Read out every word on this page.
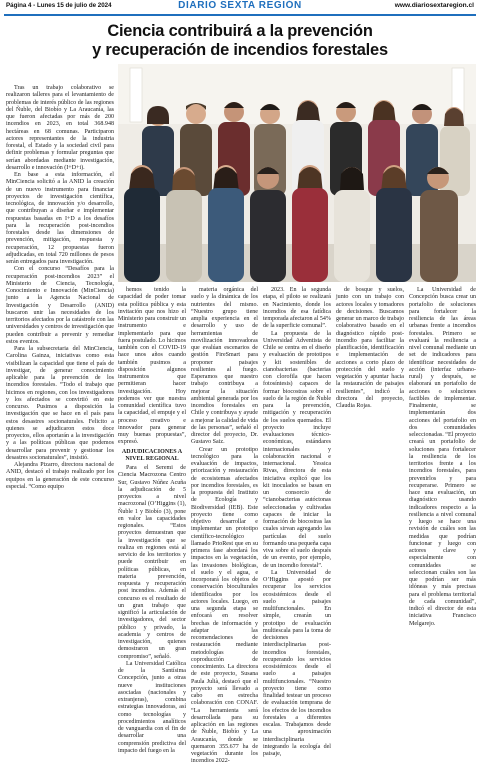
Página 4 - Lunes 15 de julio de 2024	DIARIO SEXTA REGIÓN	www.diariosextaregion.cl
Ciencia contribuirá a la prevención
y recuperación de incendios forestales

Tras un trabajo colaborativo se realizaron talleres para el levantamiento de problemas de interés público de las regiones del Ñuble, del Biobío y La Araucanía, las que fueron afectadas por más de 200 incendios en 2023, en total 368.948 hectáreas en 68 comunas. Participaron actores representantes de la industria forestal, el Estado y la sociedad civil para definir problemas y formular preguntas que serían abordadas mediante investigación, desarrollo e innovación (I+D+i).

En base a esta información, el MinCiencia solicitó a la ANID la creación de un nuevo instrumento para financiar proyectos de investigación científica, tecnológica, de innovación y/o desarrollo, que contribuyan a diseñar e implementar respuestas basadas en I+D a los desafíos para la recuperación post-incendios forestales desde las dimensiones de prevención, mitigación, respuesta y recuperación, 12 propuestas fueron adjudicadas, en total 720 millones de pesos serán entregados para investigación.

Con el concurso “Desafíos para la recuperación post-incendios 2023” el Ministerio de Ciencia, Tecnología, Conocimiento e Innovación (MinCiencia) junto a la Agencia Nacional de Investigación y Desarrollo (ANID) buscaron unir las necesidades de los territorios afectados por la catástrofe con las universidades y centros de investigación que pueden contribuir a prevenir y remediar estos eventos.

Para la subsecretaria del MinCiencia, Carolina Gainza, iniciativas como esta visibilizan la capacidad que tiene el país de investigar, de generar conocimiento aplicable para la prevención de los incendios forestales. “Todo el trabajo que hicimos en regiones, con los investigadores y los afectados se convirtió en este concurso. Pusimos a disposición la investigación que se hace en el país para estos desastres socionaturales. Felicito a quienes se adjudicaron estos doce proyectos, ellos aportarán a la investigación y a las políticas públicas que podemos desarrollar para prevenir y gestionar los desastres socionaturales”, insistió.

Alejandra Pizarro, directora nacional de ANID, destacó el trabajo realizado por los equipos en la generación de este concurso especial. “Como equipo

hemos tenido la capacidad de poder tomar esta política pública y esta invitación que nos hizo el Ministerio para construir un instrumento e implementarlo para que fuera postulado. Lo hicimos también con el COVID-19 hace unos años cuando también pusimos a disposición algunos instrumentos que permitieran hacer investigación. Hoy podemos ver que nuestra comunidad científica tuvo la capacidad, el empuje y el proceso creativo e innovador para generar muy buenas propuestas”, expresó.

ADJUDICACIONES A NIVEL REGIONAL

Para el Seremi de Ciencia Macrozona Centro Sur, Gustavo Núñez Acuña la adjudicación de 5 proyectos a nivel macrozonal (O’Higgins (1), Ñuble 1 y Biobío (3), pone en valor las capacidades regionales. “Estos proyectos demuestran que la investigación que se realiza en regiones está al servicio de los territorios y puede contribuir en políticas públicas, en materia prevención, respuesta y recuperación post incendios. Además el concurso es el resultado de un gran trabajo que significó la articulación de investigadores, del sector público y privado, la academia y centros de investigación, quienes demostraron un gran compromiso”, señaló.

La Universidad Católica de la Santísima Concepción, junto a otras nueve instituciones asociadas (nacionales y extranjeras), combina estrategias innovadoras, así como tecnologías y procedimientos analíticos de vanguardia con el fin de desarrollar una comprensión predictiva del impacto del fuego en la

materia orgánica del suelo y la dinámica de los nutrientes del mismo. “Nuestro grupo tiene amplia experiencia en el desarrollo y uso de herramientas de movilización innovadoras que evalúan escenarios de gestión FireSmart para proponer paisajes resilientes al fuego. Esperamos que nuestro trabajo contribuya a mejorar la situación ambiental generada por los incendios forestales en Chile y contribuya y ayude a mejorar la calidad de vida de las personas”, señaló el director del proyecto, Dr. Gustavo Saiz.

Crear un prototipo tecnológico para la evaluación de impactos, priorización y restauración de ecosistemas afectados por incendios forestales, es la propuesta del Instituto de Ecología y Biodiversidad (IEB). Este proyecto tiene como objetivo desarrollar e implementar un prototipo científico-tecnológico llamado PrioRest que en su primera fase abordará los impactos en la vegetación, las invasiones biológicas, el suelo y el agua, e incorporará los objetos de conservación bioculturales identificados por los actores locales. Luego, en una segunda etapa se enfocará en resolver brechas de información y adaptar las recomendaciones de restauración mediante metodologías de coproducción de conocimiento. La directora de este proyecto, Susana Paula Julià, destacó que el proyecto será llevado a cabo en estrecha colaboración con CONAF. “La herramienta será desarrollada para su aplicación en las regiones de Ñuble, Biobío y La Araucanía, donde se quemaron 355.677 ha de vegetación durante los incendios 2022-

2023. En la segunda etapa, el piloto se realizará en Nacimiento, donde los incendios de esa fatídica temporada afectaron al 54% de la superficie comunal”.

La propuesta de la Universidad Adventista de Chile se centra en el diseño y evaluación de prototipos y kit sostenibles de cianobacterias (bacterias con clorofila que hacen fotosíntesis) capaces de formar biocostras sobre el suelo de la región de Ñuble para la prevención, mitigación y recuperación de los suelos quemados. El proyecto incluye evaluaciones técnico-económicas, estándares internacionales y colaboración nacional e internacional. Yessica Rivas, directora de esta iniciativa explicó que los kit inoculados se basan en un consorcio de “cianobacterias autóctonas seleccionadas y cultivadas capaces de iniciar la formación de biocostras las cuales sirvan agregando las partículas del suelo formando una pequeña capa viva sobre el suelo después de un evento, por ejemplo, de un incendio forestal”.

La Universidad de O’Higgins apostó por recuperar los servicios ecosistémicos desde el suelo a paisajes multifuncionales. En simple, crearán un prototipo de evaluación multiescala para la toma de decisiones interdisciplinarias post-incendios forestales, recuperando los servicios ecosistémicos desde el suelo a paisajes multifuncionales. “Nuestro proyecto tiene como finalidad testear un proceso de evaluación temprana de los efectos de los incendios forestales a diferentes escalas. Trabajamos desde una aproximación interdisciplinaria integrando la ecología del paisaje,

de bosque y suelos, junto con un trabajo con actores locales y tomadores de decisiones. Buscamos generar un marco de trabajo colaborativo basado en el diagnóstico rápido post-incendio para facilitar la planificación, identificación e implementación de acciones a corto plazo de protección del suelo y vegetación y apuntar hacia la restauración de paisajes resilientes”, indicó la directora del proyecto, Claudia Rojas.

La Universidad de Concepción busca crear un portafolio de soluciones para fortalecer la resiliencia de las áreas urbanas frente a incendios forestales. Primero se evaluará la resiliencia a nivel comunal mediante un set de indicadores para identificar necesidades de acción (interfaz urbano-rural) y después, se elaborará un portafolio de acciones o soluciones factibles de implementar. Finalmente, se implementarán dos acciones del portafolio en dos comunidades seleccionadas. “El proyecto creará un portafolio de soluciones para fortalecer la resiliencia de los territorios frente a los incendios forestales, para prevenirlos y para recuperarse. Primero se hace una evaluación, un diagnóstico usando indicadores respecto a la resiliencia a nivel comunal y luego se hace una revisión de cuáles son las medidas que podrían funcionar y luego con actores clave y especialmente con comunidades se seleccionan cuáles son las que podrían ser más idóneas y más precisas para el problema territorial de cada comunidad”, indicó el director de esta iniciativa Francisco Melgarejo.
